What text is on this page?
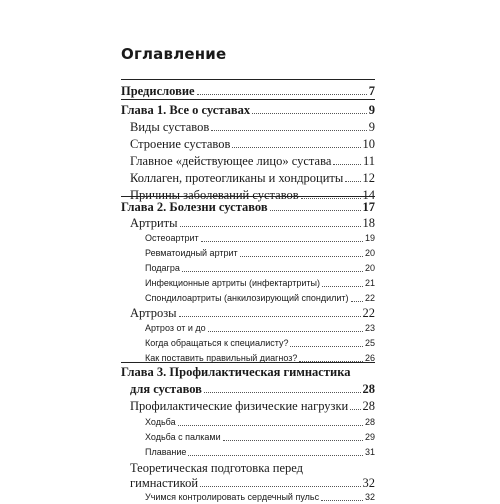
Оглавление
Предисловие	7
Глава 1. Все о суставах	9
Виды суставов	9
Строение суставов	10
Главное «действующее лицо» сустава	11
Коллаген, протеогликаны и хондроциты 12
Причины заболеваний суставов	14
Глава 2. Болезни суставов	17
Артриты	18
Остеоартрит	19
Ревматоидный артрит	20
Подагра	20
Инфекционные артриты (инфектартриты)	21
Спондилоартриты (анкилозирующий спондилит) 22
Артрозы	22
Артроз от и до	23
Когда обращаться к специалисту?	25
Как поставить правильный диагноз?	26
Глава 3. Профилактическая гимнастика
для суставов	28
Профилактические физические нагрузки 28
Ходьба	28
Ходьба с палками	29
Плавание	31
Теоретическая подготовка перед
гимнастикой	32
Учимся контролировать сердечный пульс	32
